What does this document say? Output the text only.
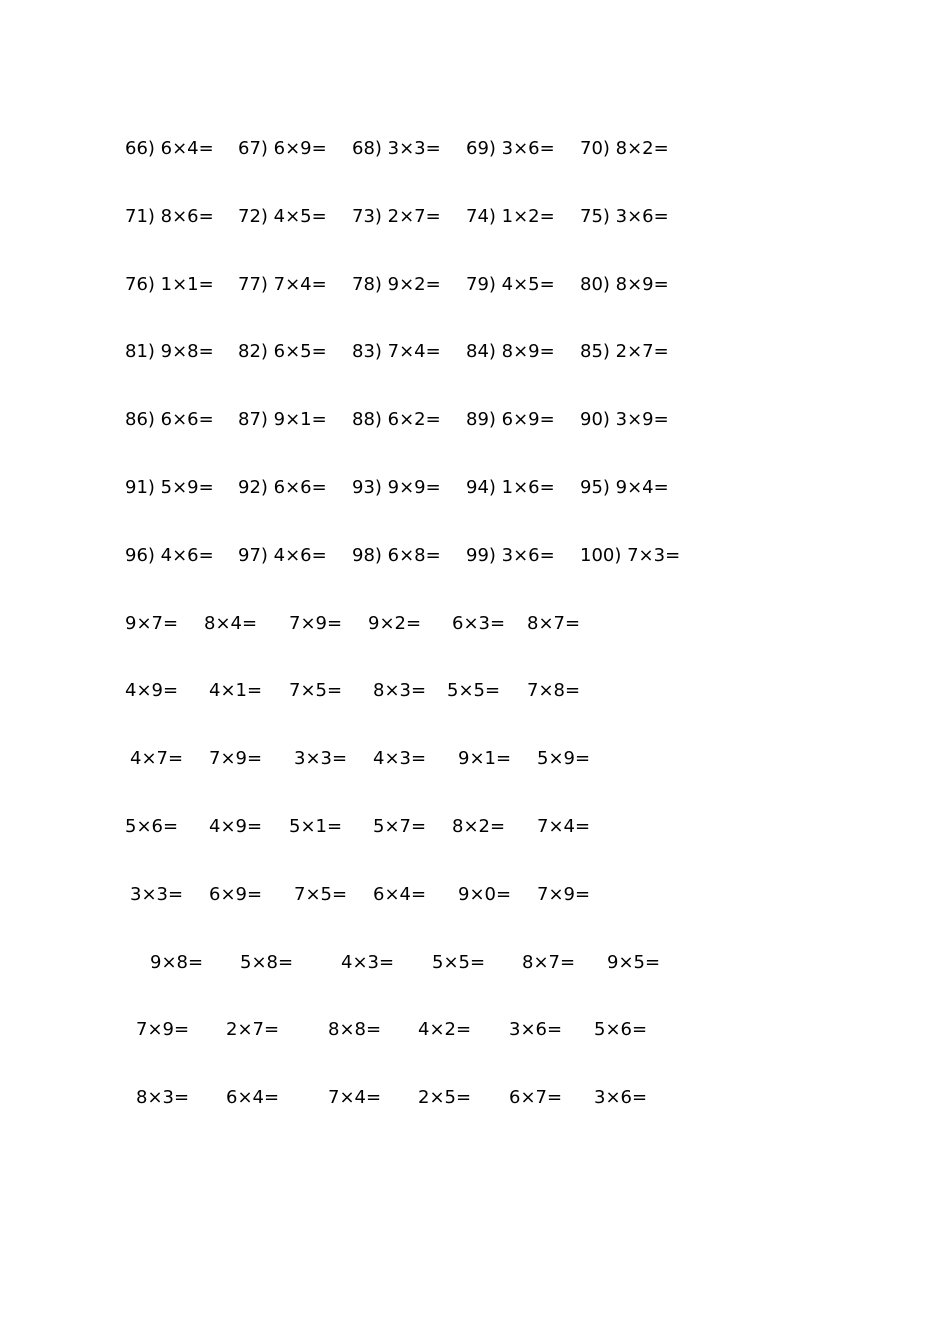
66) 6×4= 67) 6×9= 68) 3×3= 69) 3×6= 70) 8×2=
71) 8×6= 72) 4×5= 73) 2×7= 74) 1×2= 75) 3×6=
76) 1×1= 77) 7×4= 78) 9×2= 79) 4×5= 80) 8×9=
81) 9×8= 82) 6×5= 83) 7×4= 84) 8×9= 85) 2×7=
86) 6×6= 87) 9×1= 88) 6×2= 89) 6×9= 90) 3×9=
91) 5×9= 92) 6×6= 93) 9×9= 94) 1×6= 95) 9×4=
96) 4×6= 97) 4×6= 98) 6×8= 99) 3×6= 100) 7×3=
9×7= 8×4= 7×9= 9×2= 6×3= 8×7=
4×9= 4×1= 7×5= 8×3= 5×5= 7×8=
4×7= 7×9= 3×3= 4×3= 9×1= 5×9=
5×6= 4×9= 5×1= 5×7= 8×2= 7×4=
3×3= 6×9= 7×5= 6×4= 9×0= 7×9=
9×8= 5×8=	4×3= 5×5= 8×7= 9×5=
7×9= 2×7=	8×8= 4×2= 3×6= 5×6=
8×3= 6×4=	7×4= 2×5= 6×7= 3×6=
